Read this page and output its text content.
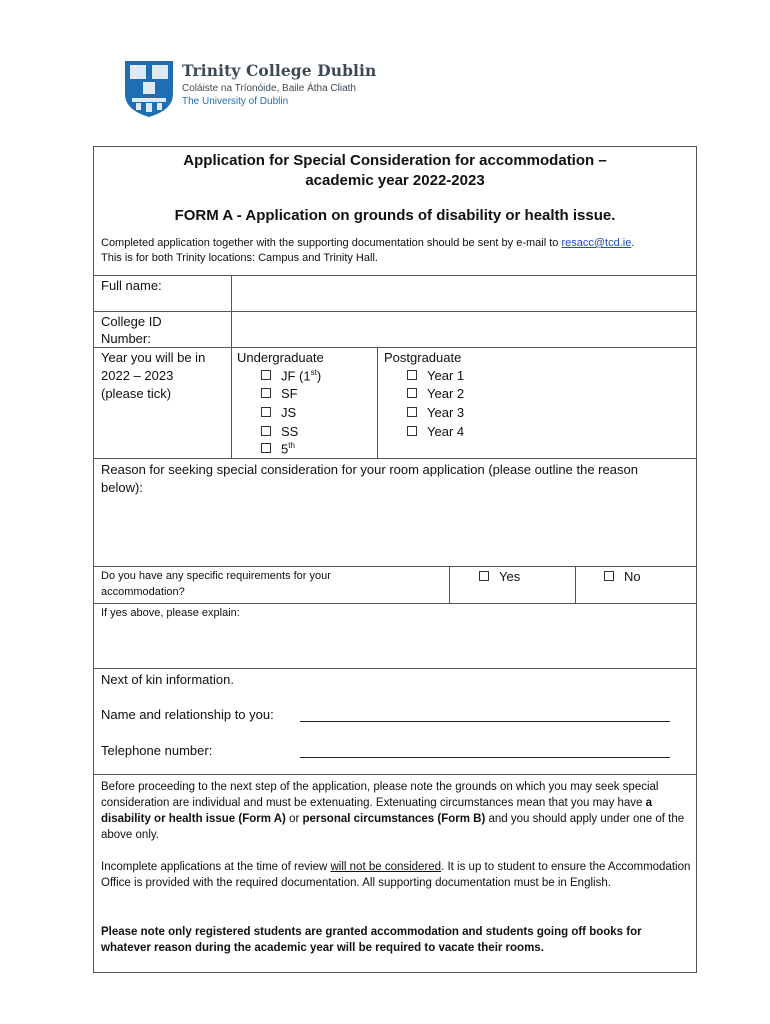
Trinity College Dublin
Coláiste na Tríonóide, Baile Átha Cliath
The University of Dublin
Application for Special Consideration for accommodation –
academic year 2022-2023
FORM A - Application on grounds of disability or health issue.
Completed application together with the supporting documentation should be sent by e-mail to resacc@tcd.ie.
This is for both Trinity locations: Campus and Trinity Hall.
Full name:
College ID
Number:
Year you will be in
2022 – 2023
(please tick)
Undergraduate
JF (1st)
SF
JS
SS
5th
Postgraduate
Year 1
Year 2
Year 3
Year 4
Reason for seeking special consideration for your room application (please outline the reason
below):
Do you have any specific requirements for your
accommodation?
Yes	No
If yes above, please explain:
Next of kin information.
Name and relationship to you:
Telephone number:
Before proceeding to the next step of the application, please note the grounds on which you may seek special consideration are individual and must be extenuating. Extenuating circumstances mean that you may have a disability or health issue (Form A) or personal circumstances (Form B) and you should apply under one of the above only.
Incomplete applications at the time of review will not be considered. It is up to student to ensure the Accommodation Office is provided with the required documentation. All supporting documentation must be in English.
Please note only registered students are granted accommodation and students going off books for whatever reason during the academic year will be required to vacate their rooms.
